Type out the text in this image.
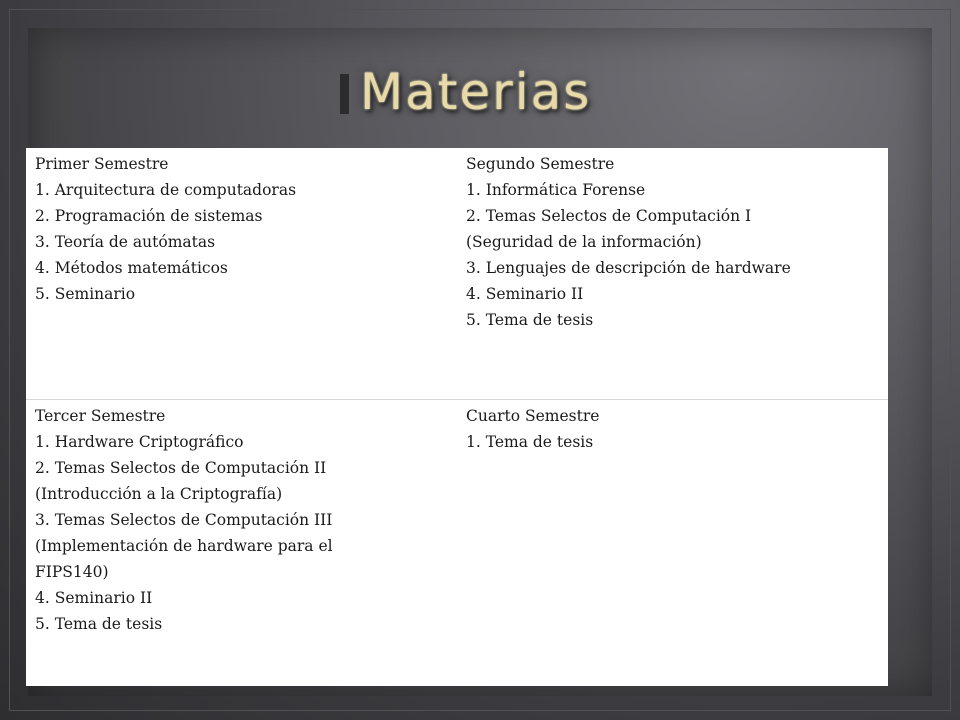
Materias
Primer Semestre
1. Arquitectura de computadoras
2. Programación de sistemas
3. Teoría de autómatas
4. Métodos matemáticos
5. Seminario
Segundo Semestre
1. Informática Forense
2. Temas Selectos de Computación I
(Seguridad de la información)
3. Lenguajes de descripción de hardware
4. Seminario II
5. Tema de tesis
Tercer Semestre
1. Hardware Criptográfico
2. Temas Selectos de Computación II
(Introducción a la Criptografía)
3. Temas Selectos de Computación III
(Implementación de hardware para el
FIPS140)
4. Seminario II
5. Tema de tesis
Cuarto Semestre
1. Tema de tesis
